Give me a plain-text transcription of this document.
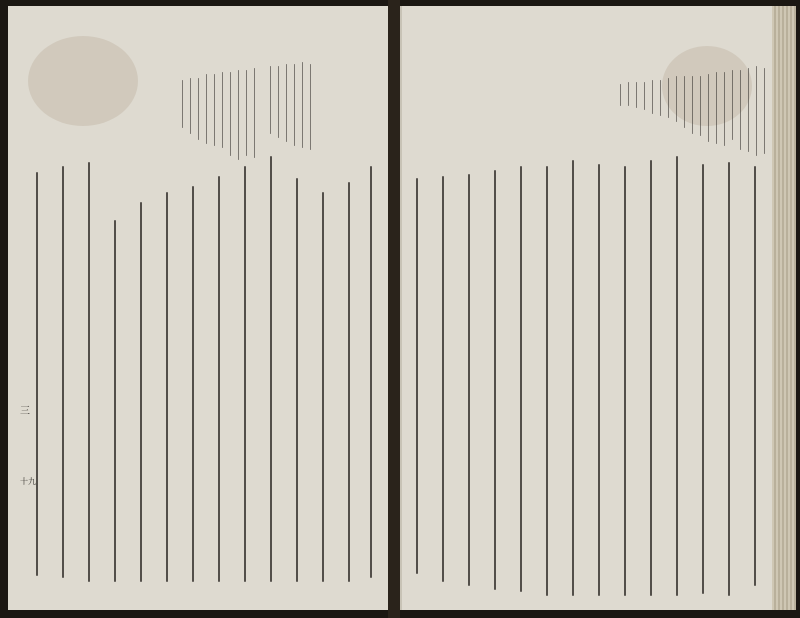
三
十九
